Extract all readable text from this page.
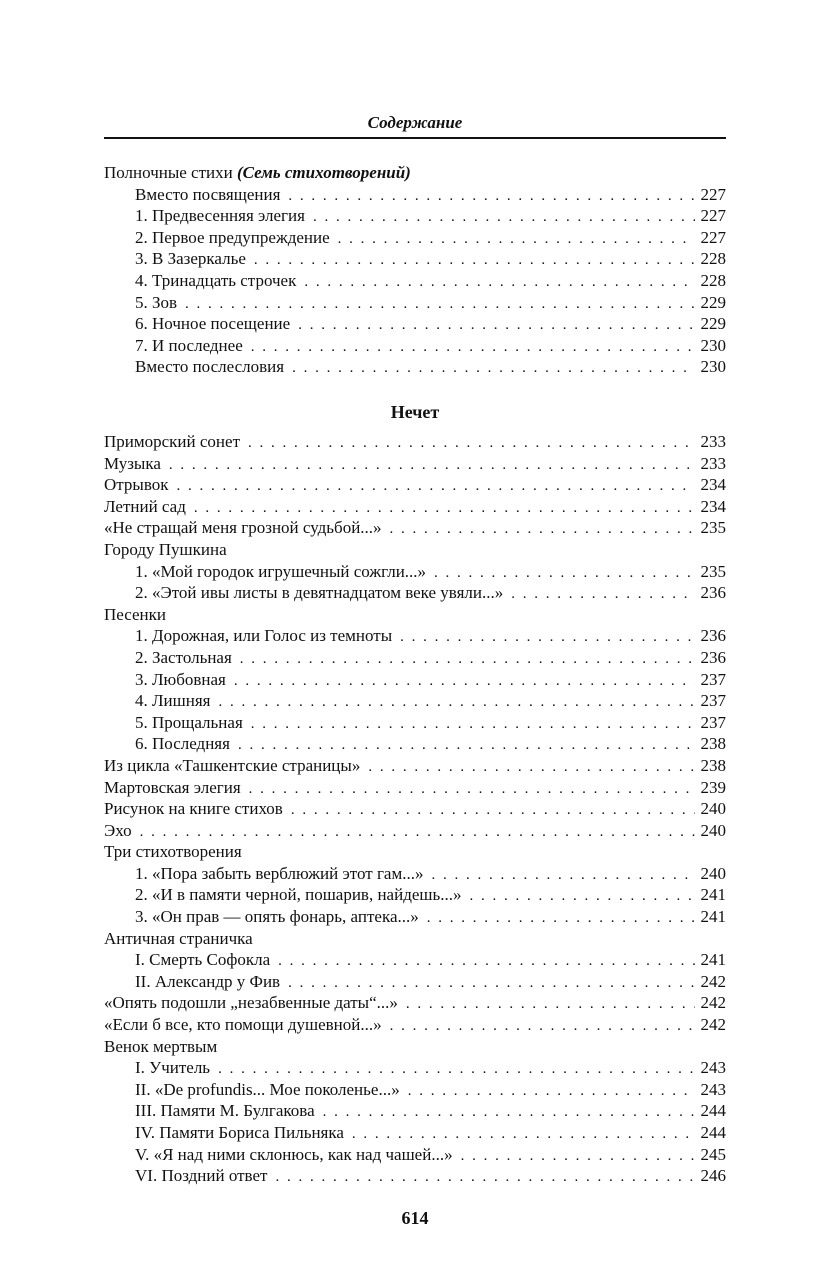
Содержание
Полночные стихи (Семь стихотворений)
Вместо посвящения . . .	227
1. Предвесенняя элегия . . .	227
2. Первое предупреждение . . .	227
3. В Зазеркалье . . .	228
4. Тринадцать строчек . . .	228
5. Зов . . .	229
6. Ночное посещение . . .	229
7. И последнее . . .	230
Вместо послесловия . . .	230
Нечет
Приморский сонет . . .	233
Музыка . . .	233
Отрывок . . .	234
Летний сад . . .	234
«Не стращай меня грозной судьбой...» . . .	235
Городу Пушкина
1. «Мой городок игрушечный сожгли...» . . .	235
2. «Этой ивы листы в девятнадцатом веке увяли...» . . .	236
Песенки
1. Дорожная, или Голос из темноты . . .	236
2. Застольная . . .	236
3. Любовная . . .	237
4. Лишняя . . .	237
5. Прощальная . . .	237
6. Последняя . . .	238
Из цикла «Ташкентские страницы» . . .	238
Мартовская элегия . . .	239
Рисунок на книге стихов . . .	240
Эхо . . .	240
Три стихотворения
1. «Пора забыть верблюжий этот гам...» . . .	240
2. «И в памяти черной, пошарив, найдешь...» . . .	241
3. «Он прав — опять фонарь, аптека...» . . .	241
Античная страничка
I. Смерть Софокла . . .	241
II. Александр у Фив . . .	242
«Опять подошли „незабвенные даты“...» . . .	242
«Если б все, кто помощи душевной...» . . .	242
Венок мертвым
I. Учитель . . .	243
II. «De profundis... Мое поколенье...» . . .	243
III. Памяти М. Булгакова . . .	244
IV. Памяти Бориса Пильняка . . .	244
V. «Я над ними склонюсь, как над чашей...» . . .	245
VI. Поздний ответ . . .	246
614
